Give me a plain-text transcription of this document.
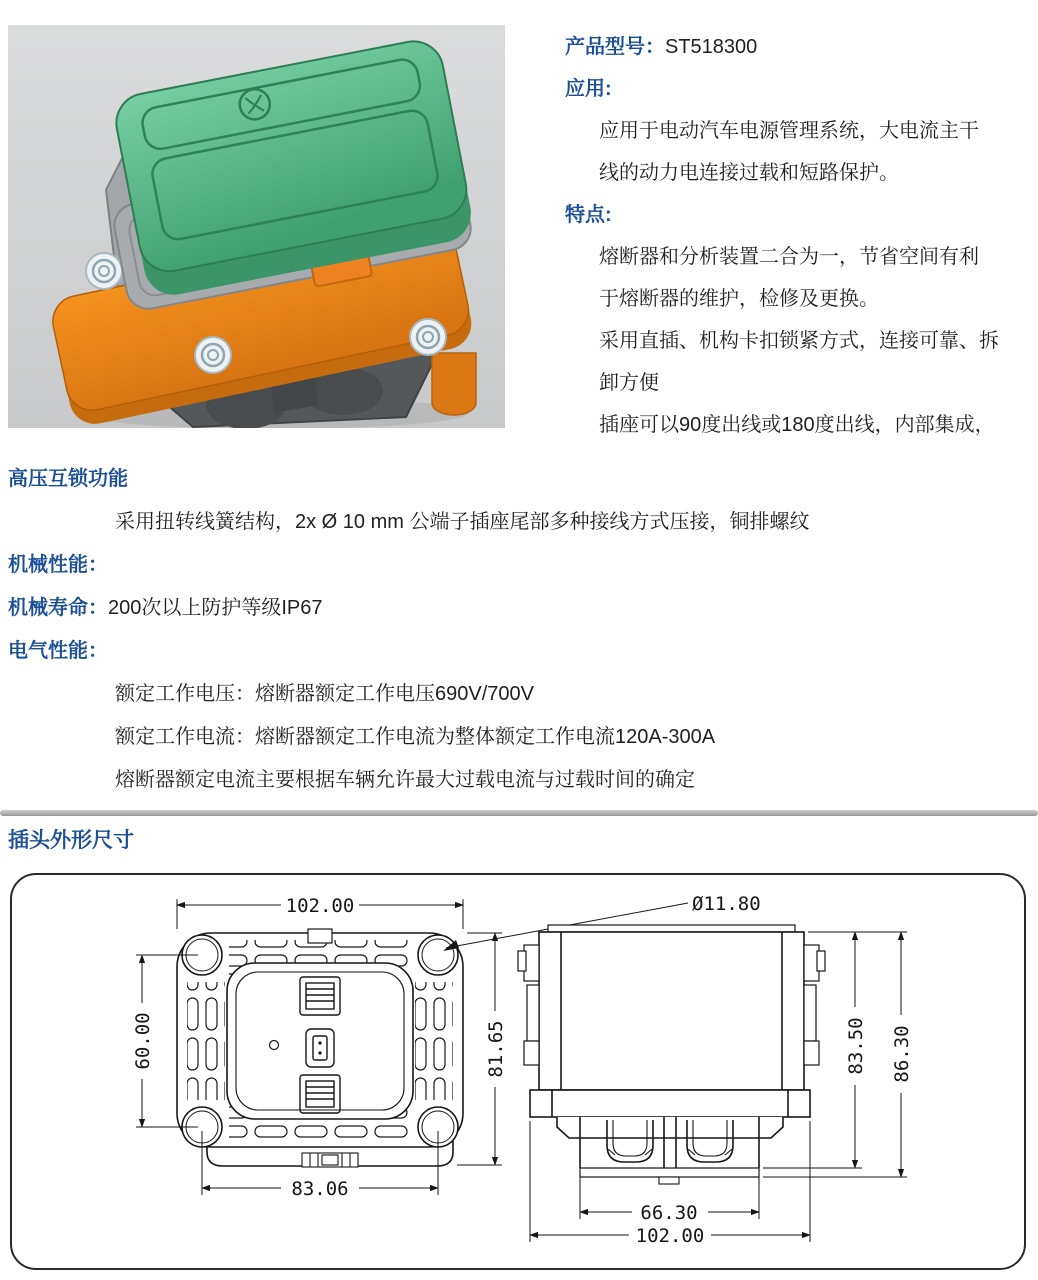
产品型号：ST518300

应用:

应用于电动汽车电源管理系统，大电流主干

线的动力电连接过载和短路保护。

特点:

熔断器和分析装置二合为一，节省空间有利

于熔断器的维护，检修及更换。

采用直插、机构卡扣锁紧方式，连接可靠、拆

卸方便

插座可以90度出线或180度出线，内部集成，

高压互锁功能

采用扭转线簧结构，2x Ø 10 mm 公端子插座尾部多种接线方式压接，铜排螺纹

机械性能：

机械寿命：200次以上防护等级IP67

电气性能：

额定工作电压：熔断器额定工作电压690V/700V

额定工作电流：熔断器额定工作电流为整体额定工作电流120A-300A

熔断器额定电流主要根据车辆允许最大过载电流与过载时间的确定

插头外形尺寸
102.00	Ø11.80
60.00	81.65
83.06
83.50 86.30
66.30
102.00
